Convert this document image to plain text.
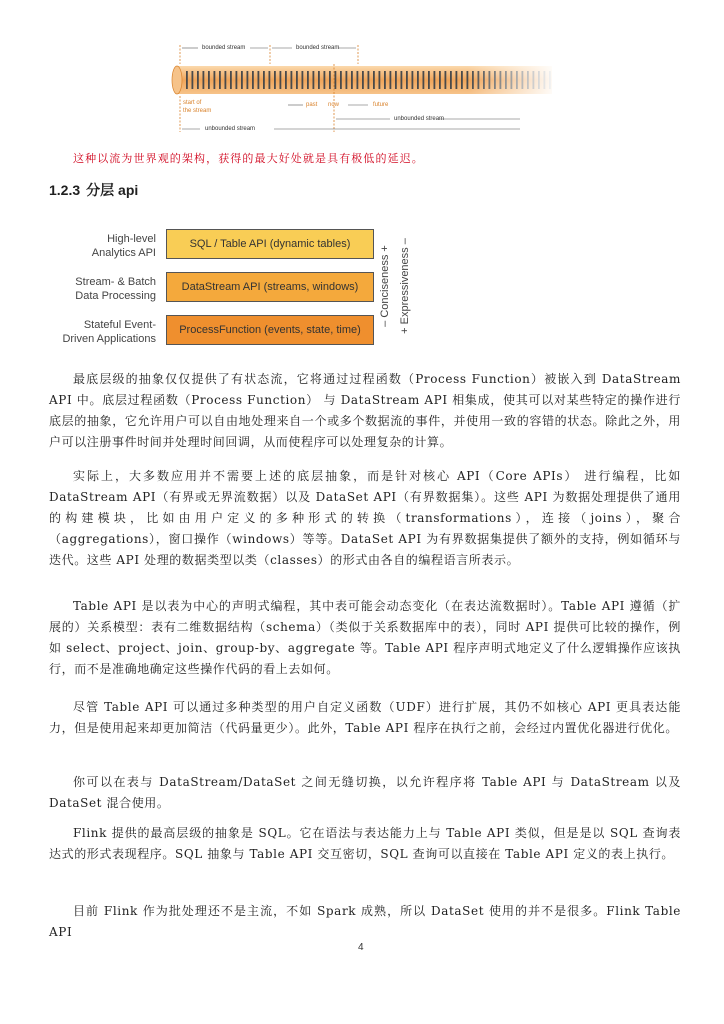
bounded stream	bounded stream
start of
the stream
past now	future
unbounded stream
unbounded stream
这种以流为世界观的架构，获得的最大好处就是具有极低的延迟。
1.2.3 分层 api
High-level
Analytics API
Stream- & Batch
Data Processing
Stateful Event-
Driven Applications
SQL / Table API (dynamic tables)
DataStream API (streams, windows)
ProcessFunction (events, state, time)
– Conciseness + + Expressiveness –

最底层级的抽象仅仅提供了有状态流，它将通过过程函数（Process Function）被嵌入到 DataStream API 中。底层过程函数（Process Function） 与 DataStream API 相集成，使其可以对某些特定的操作进行底层的抽象，它允许用户可以自由地处理来自一个或多个数据流的事件，并使用一致的容错的状态。除此之外，用户可以注册事件时间并处理时间回调，从而使程序可以处理复杂的计算。

实际上，大多数应用并不需要上述的底层抽象，而是针对核心 API（Core APIs） 进行编程，比如 DataStream API（有界或无界流数据）以及 DataSet API（有界数据集）。这些 API 为数据处理提供了通用的构建模块，比如由用户定义的多种形式的转换（transformations），连接（joins），聚合（aggregations），窗口操作（windows）等等。DataSet API 为有界数据集提供了额外的支持，例如循环与迭代。这些 API 处理的数据类型以类（classes）的形式由各自的编程语言所表示。

Table API 是以表为中心的声明式编程，其中表可能会动态变化（在表达流数据时）。Table API 遵循（扩展的）关系模型：表有二维数据结构（schema）（类似于关系数据库中的表），同时 API 提供可比较的操作，例如 select、project、join、group-by、aggregate 等。Table API 程序声明式地定义了什么逻辑操作应该执行，而不是准确地确定这些操作代码的看上去如何。

尽管 Table API 可以通过多种类型的用户自定义函数（UDF）进行扩展，其仍不如核心 API 更具表达能力，但是使用起来却更加简洁（代码量更少）。此外，Table API 程序在执行之前，会经过内置优化器进行优化。

你可以在表与 DataStream/DataSet 之间无缝切换，以允许程序将 Table API 与 DataStream 以及 DataSet 混合使用。

Flink 提供的最高层级的抽象是 SQL。它在语法与表达能力上与 Table API 类似，但是是以 SQL 查询表达式的形式表现程序。SQL 抽象与 Table API 交互密切，SQL 查询可以直接在 Table API 定义的表上执行。

目前 Flink 作为批处理还不是主流，不如 Spark 成熟，所以 DataSet 使用的并不是很多。Flink Table API

4
